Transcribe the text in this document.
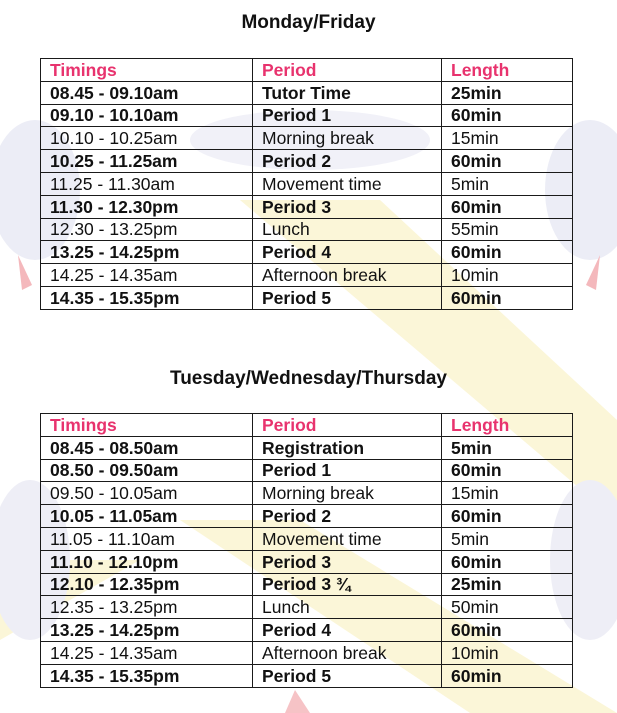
Monday/Friday
Timings	Period	Length
08.45 - 09.10am	Tutor Time	25min
09.10 - 10.10am	Period 1	60min
10.10 - 10.25am	Morning break	15min
10.25 - 11.25am	Period 2	60min
11.25 - 11.30am	Movement time	5min
11.30 - 12.30pm	Period 3	60min
12.30 - 13.25pm	Lunch	55min
13.25 - 14.25pm	Period 4	60min
14.25 - 14.35am	Afternoon break	10min
14.35 - 15.35pm	Period 5	60min
Tuesday/Wednesday/Thursday
Timings	Period	Length
08.45 - 08.50am	Registration	5min
08.50 - 09.50am	Period 1	60min
09.50 - 10.05am	Morning break	15min
10.05 - 11.05am	Period 2	60min
11.05 - 11.10am	Movement time	5min
11.10 - 12.10pm	Period 3	60min
12.10 - 12.35pm	Period 3 ¾	25min
12.35 - 13.25pm	Lunch	50min
13.25 - 14.25pm	Period 4	60min
14.25 - 14.35am	Afternoon break	10min
14.35 - 15.35pm	Period 5	60min
